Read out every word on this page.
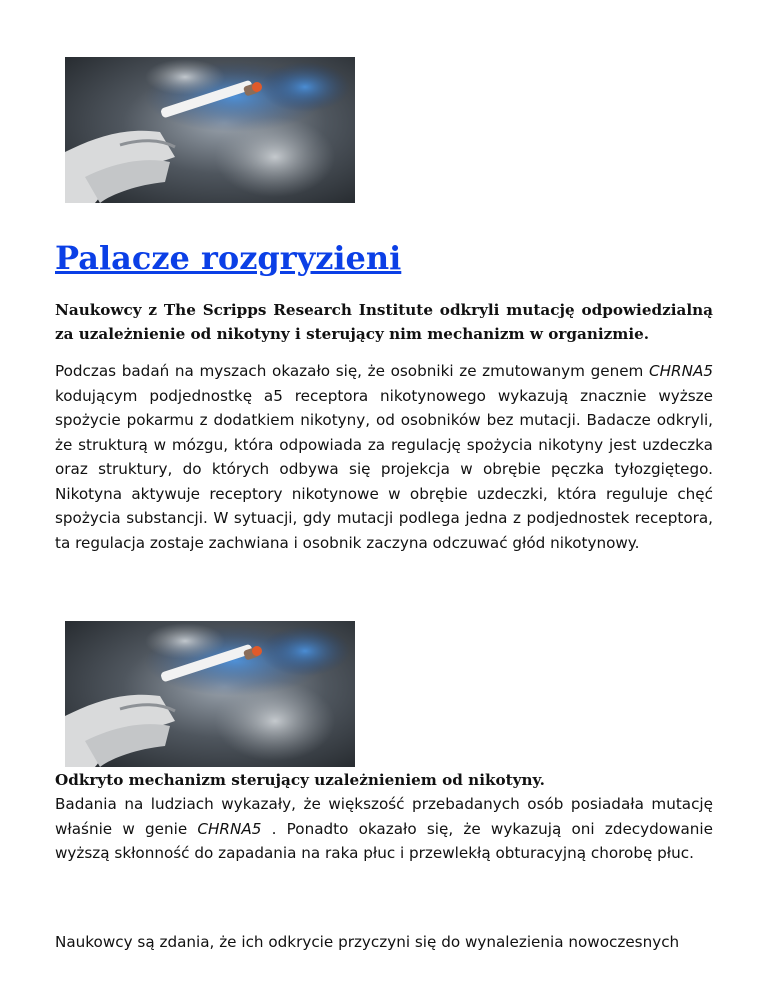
Palacze rozgryzieni

Naukowcy z The Scripps Research Institute odkryli mutację odpowiedzialną za uzależnienie od nikotyny i sterujący nim mechanizm w organizmie.

Podczas badań na myszach okazało się, że osobniki ze zmutowanym genem CHRNA5 kodującym podjednostkę a5 receptora nikotynowego wykazują znacznie wyższe spożycie pokarmu z dodatkiem nikotyny, od osobników bez mutacji. Badacze odkryli, że strukturą w mózgu, która odpowiada za regulację spożycia nikotyny jest uzdeczka oraz struktury, do których odbywa się projekcja w obrębie pęczka tyłozgiętego. Nikotyna aktywuje receptory nikotynowe w obrębie uzdeczki, która reguluje chęć spożycia substancji. W sytuacji, gdy mutacji podlega jedna z podjednostek receptora, ta regulacja zostaje zachwiana i osobnik zaczyna odczuwać głód nikotynowy.

Odkryto mechanizm sterujący uzależnieniem od nikotyny.

Badania na ludziach wykazały, że większość przebadanych osób posiadała mutację właśnie w genie CHRNA5 . Ponadto okazało się, że wykazują oni zdecydowanie wyższą skłonność do zapadania na raka płuc i przewlekłą obturacyjną chorobę płuc.

Naukowcy są zdania, że ich odkrycie przyczyni się do wynalezienia nowoczesnych
